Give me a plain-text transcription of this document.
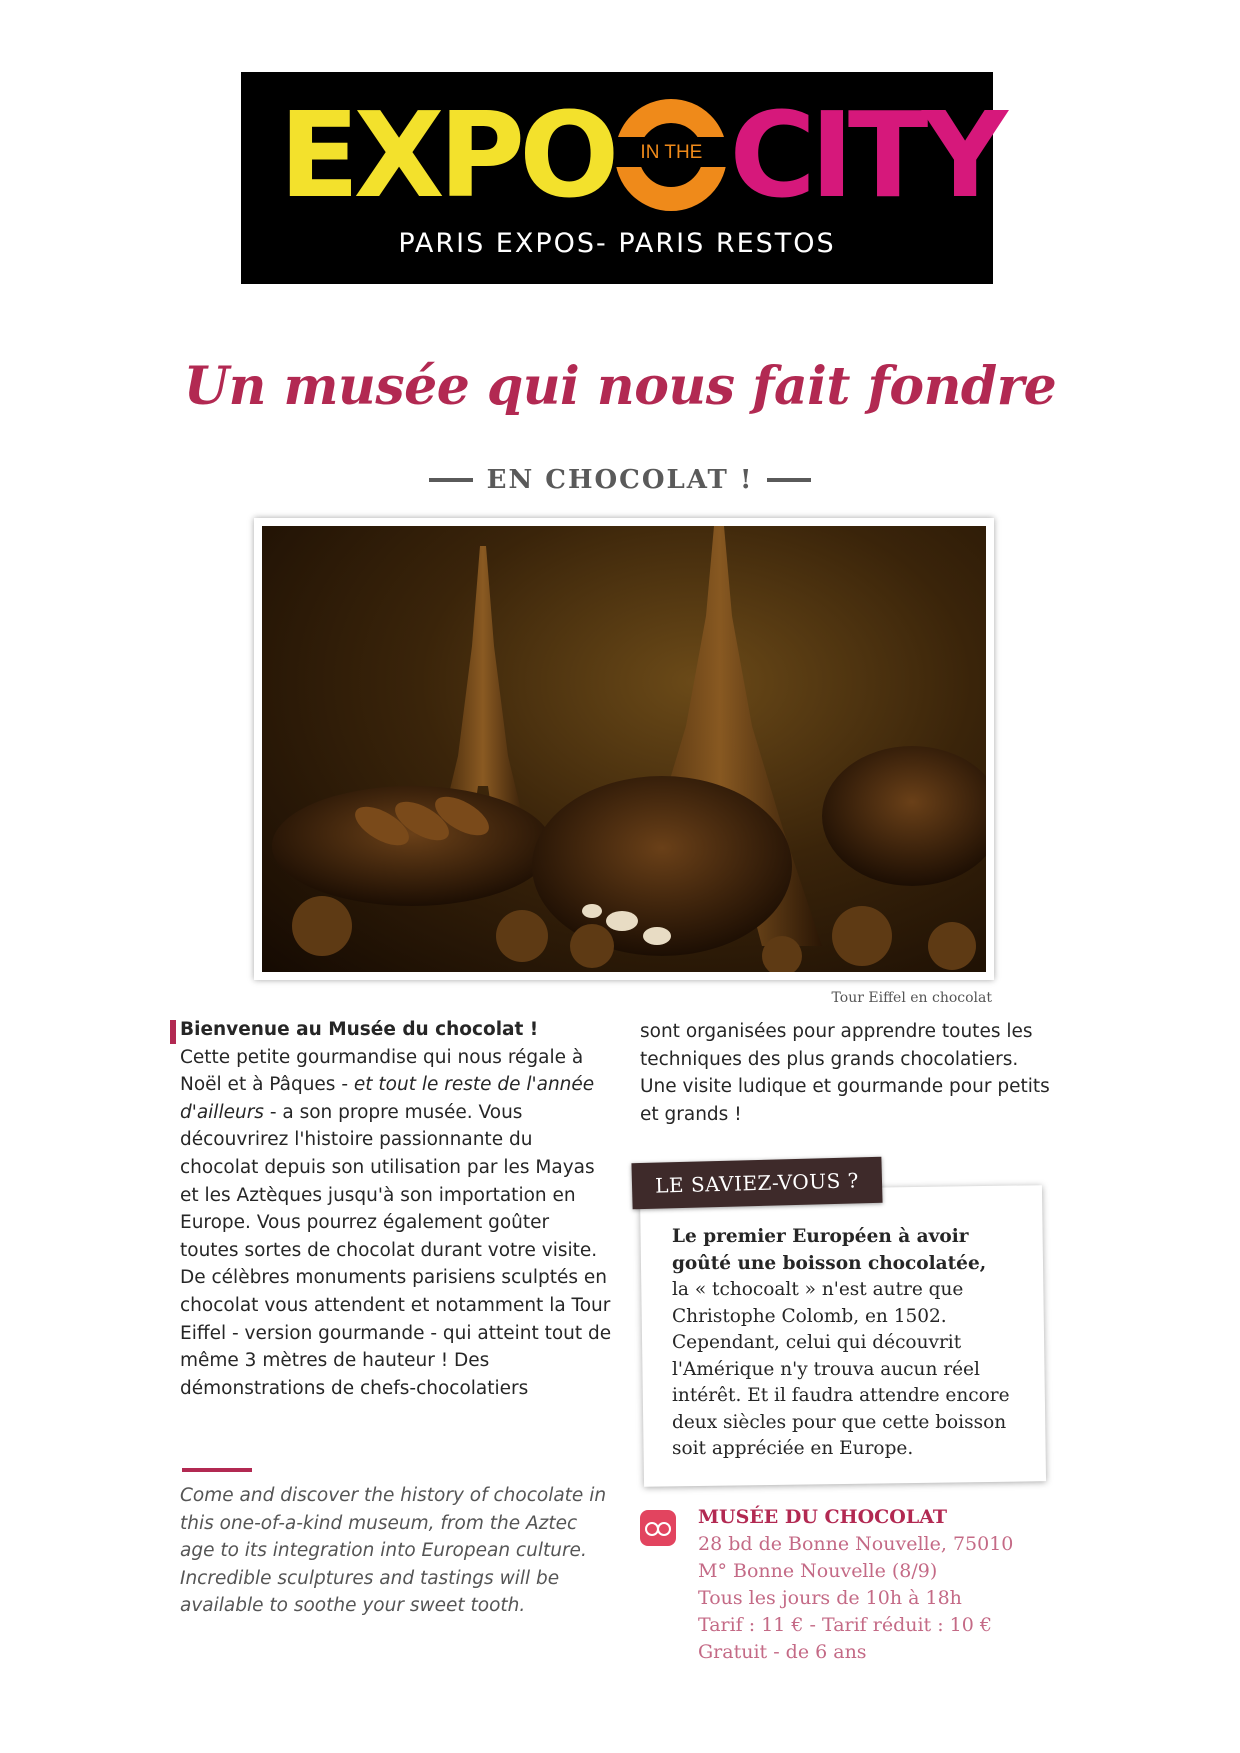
EXPO	IN THE CITY
PARIS EXPOS- PARIS RESTOS
Un musée qui nous fait fondre
EN CHOCOLAT !
Tour Eiffel en chocolat
Bienvenue au Musée du chocolat !
Cette petite gourmandise qui nous régale à Noël et à Pâques - et tout le reste de l'année d'ailleurs - a son propre musée. Vous découvrirez l'histoire passionnante du chocolat depuis son utilisation par les Mayas et les Aztèques jusqu'à son importation en Europe. Vous pourrez également goûter toutes sortes de chocolat durant votre visite. De célèbres monuments parisiens sculptés en chocolat vous attendent et notamment la Tour Eiffel - version gourmande - qui atteint tout de même 3 mètres de hauteur ! Des démonstrations de chefs-chocolatiers
Come and discover the history of chocolate in this one-of-a-kind museum, from the Aztec age to its integration into European culture. Incredible sculptures and tastings will be available to soothe your sweet tooth.
sont organisées pour apprendre toutes les techniques des plus grands chocolatiers. Une visite ludique et gourmande pour petits et grands !
LE SAVIEZ-VOUS ?
Le premier Européen à avoir goûté une boisson chocolatée,
la « tchocoalt » n'est autre que Christophe Colomb, en 1502. Cependant, celui qui découvrit l'Amérique n'y trouva aucun réel intérêt. Et il faudra attendre encore deux siècles pour que cette boisson soit appréciée en Europe.
MUSÉE DU CHOCOLAT
28 bd de Bonne Nouvelle, 75010
M° Bonne Nouvelle (8/9)
Tous les jours de 10h à 18h
Tarif : 11 € - Tarif réduit : 10 €
Gratuit - de 6 ans
